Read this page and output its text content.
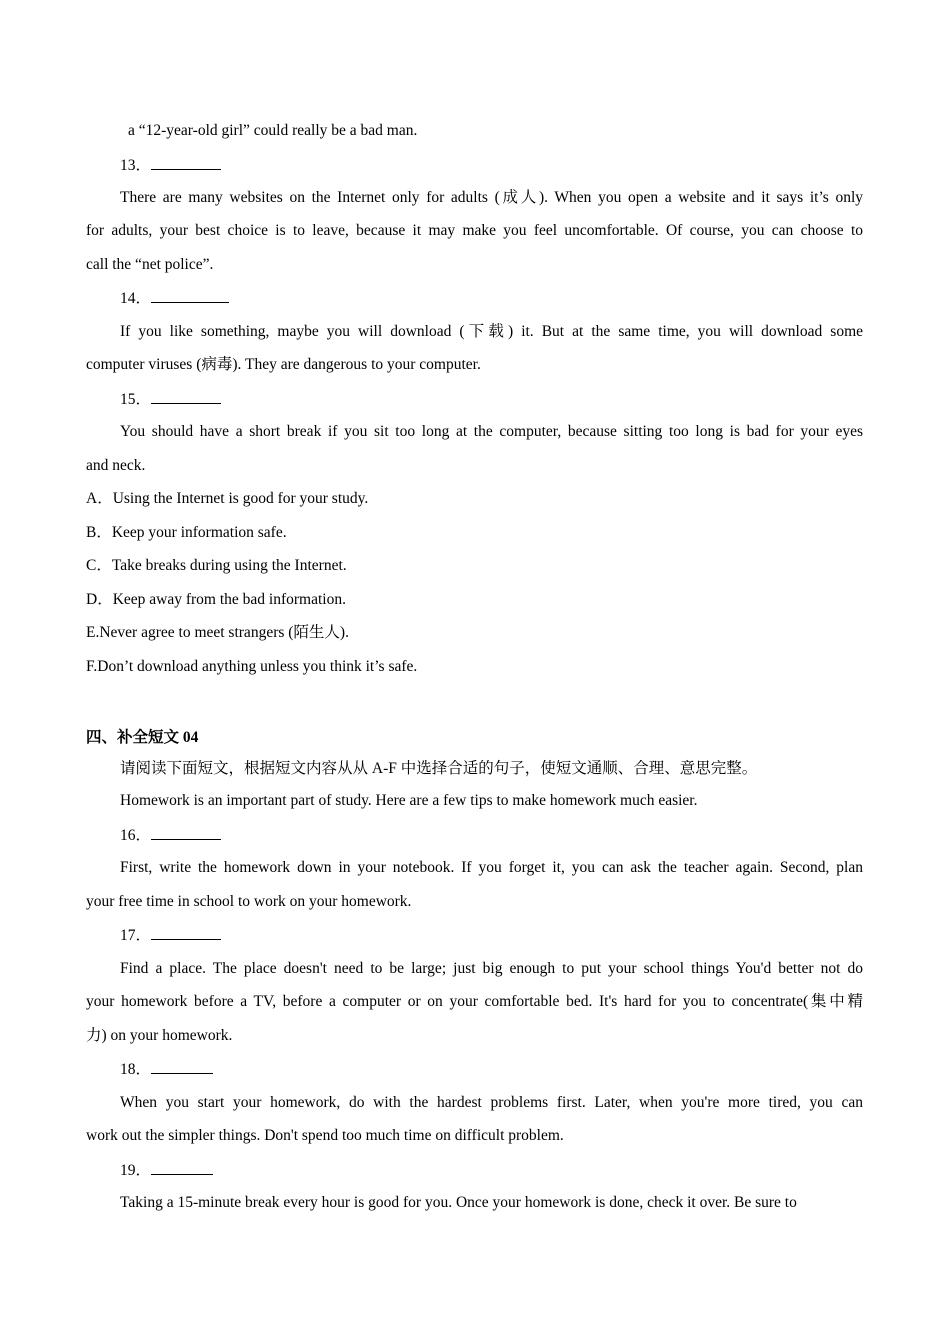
a “12-year-old girl” could really be a bad man.
13．
There are many websites on the Internet only for adults (成人). When you open a website and it says it’s only
for adults, your best choice is to leave, because it may make you feel uncomfortable. Of course, you can choose to
call the “net police”.
14．
If you like something, maybe you will download (下载) it. But at the same time, you will download some
computer viruses (病毒). They are dangerous to your computer.
15．
You should have a short break if you sit too long at the computer, because sitting too long is bad for your eyes
and neck.
A．Using the Internet is good for your study.
B．Keep your information safe.
C．Take breaks during using the Internet.
D．Keep away from the bad information.
E.Never agree to meet strangers (陌生人).
F.Don’t download anything unless you think it’s safe.
四、补全短文 04
请阅读下面短文，根据短文内容从从 A-F 中选择合适的句子，使短文通顺、合理、意思完整。
Homework is an important part of study. Here are a few tips to make homework much easier.
16．
First, write the homework down in your notebook. If you forget it, you can ask the teacher again. Second, plan
your free time in school to work on your homework.
17．
Find a place. The place doesn't need to be large; just big enough to put your school things You'd better not do
your homework before a TV, before a computer or on your comfortable bed. It's hard for you to concentrate(集中精
力) on your homework.
18．
When you start your homework, do with the hardest problems first. Later, when you're more tired, you can
work out the simpler things. Don't spend too much time on difficult problem.
19．
Taking a 15-minute break every hour is good for you. Once your homework is done, check it over. Be sure to
